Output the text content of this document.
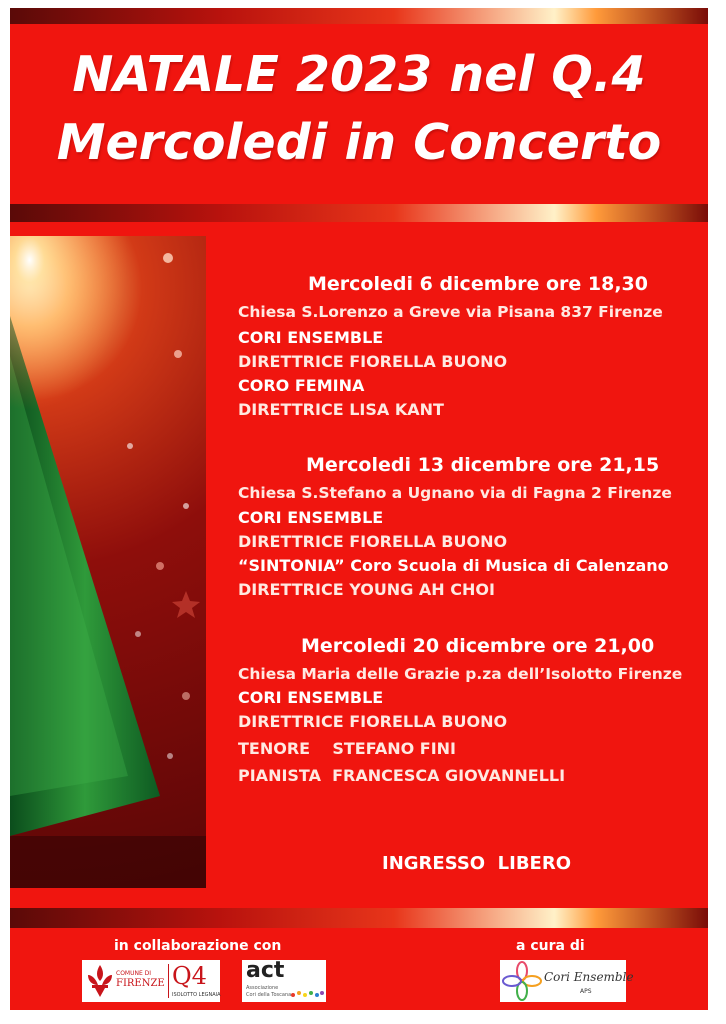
NATALE 2023 nel Q.4
Mercoledi in Concerto
Mercoledi 6 dicembre ore 18,30
Chiesa S.Lorenzo a Greve via Pisana 837 Firenze
CORI ENSEMBLE
DIRETTRICE FIORELLA BUONO
CORO FEMINA
DIRETTRICE LISA KANT
Mercoledi 13 dicembre ore 21,15
Chiesa S.Stefano a Ugnano via di Fagna 2 Firenze
CORI ENSEMBLE
DIRETTRICE FIORELLA BUONO
“SINTONIA” Coro Scuola di Musica di Calenzano
DIRETTRICE YOUNG AH CHOI
Mercoledi 20 dicembre ore 21,00
Chiesa Maria delle Grazie p.za dell’Isolotto Firenze
CORI ENSEMBLE
DIRETTRICE FIORELLA BUONO
TENORE    STEFANO FINI
PIANISTA  FRANCESCA GIOVANNELLI
INGRESSO  LIBERO
in collaborazione con	a cura di
COMUNE DI
FIRENZE Q4
ISOLOTTO LEGNAIA
act
Associazione
Cori della Toscana
Cori Ensemble
APS
